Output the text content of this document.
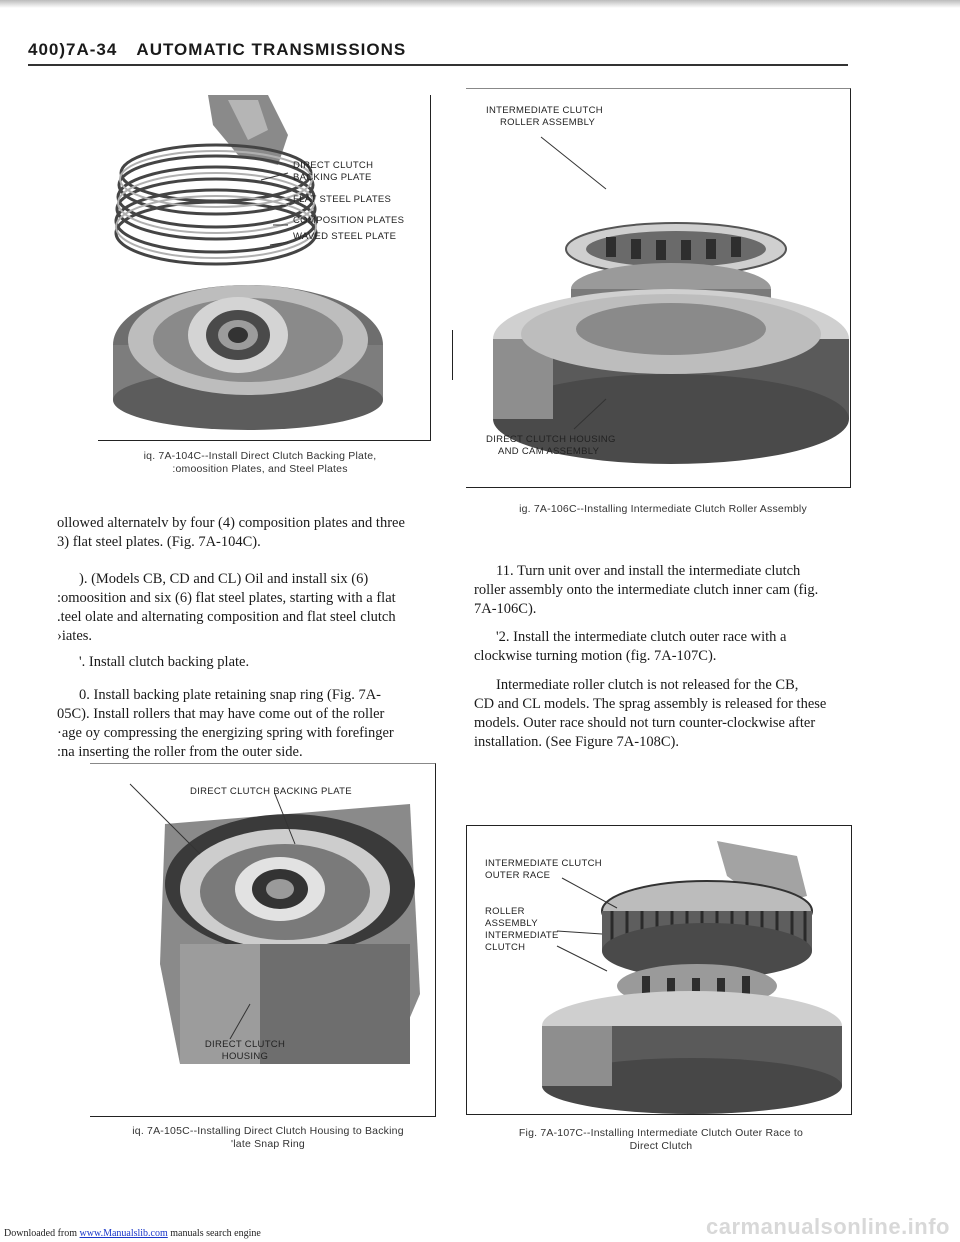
400)7A-34 AUTOMATIC TRANSMISSIONS
DIRECT CLUTCH
BACKING PLATE
FLAT STEEL PLATES
COMPOSITION PLATES
WAVED STEEL PLATE
iq. 7A-104C--Install Direct Clutch Backing Plate,
:omoosition Plates, and Steel Plates
INTERMEDIATE CLUTCH
ROLLER ASSEMBLY
DIRECT CLUTCH HOUSING
AND CAM ASSEMBLY
ig. 7A-106C--Installing Intermediate Clutch Roller Assembly
ollowed alternatelv by four (4) composition plates and three
3) flat steel plates. (Fig. 7A-104C).
). (Models CB, CD and CL) Oil and install six (6)
:omoosition and six (6) flat steel plates, starting with a flat
.teel olate and alternating composition and flat steel clutch
›iates.
'. Install clutch backing plate.
0. Install backing plate retaining snap ring (Fig. 7A-
05C). Install rollers that may have come out of the roller
·age oy compressing the energizing spring with forefinger
:na inserting the roller from the outer side.
11. Turn unit over and install the intermediate clutch
roller assembly onto the intermediate clutch inner cam (fig.
7A-106C).
'2. Install the intermediate clutch outer race with a
clockwise turning motion (fig. 7A-107C).
Intermediate roller clutch is not released for the CB,
CD and CL models. The sprag assembly is released for these
models. Outer race should not turn counter-clockwise after
installation. (See Figure 7A-108C).
DIRECT CLUTCH BACKING PLATE
DIRECT CLUTCH
HOUSING
iq. 7A-105C--Installing Direct Clutch Housing to Backing
'late Snap Ring
INTERMEDIATE CLUTCH
OUTER RACE
ROLLER
ASSEMBLY
INTERMEDIATE
CLUTCH
Fig. 7A-107C--Installing Intermediate Clutch Outer Race to
Direct Clutch
Downloaded from www.Manualslib.com manuals search engine	carmanualsonline.info
